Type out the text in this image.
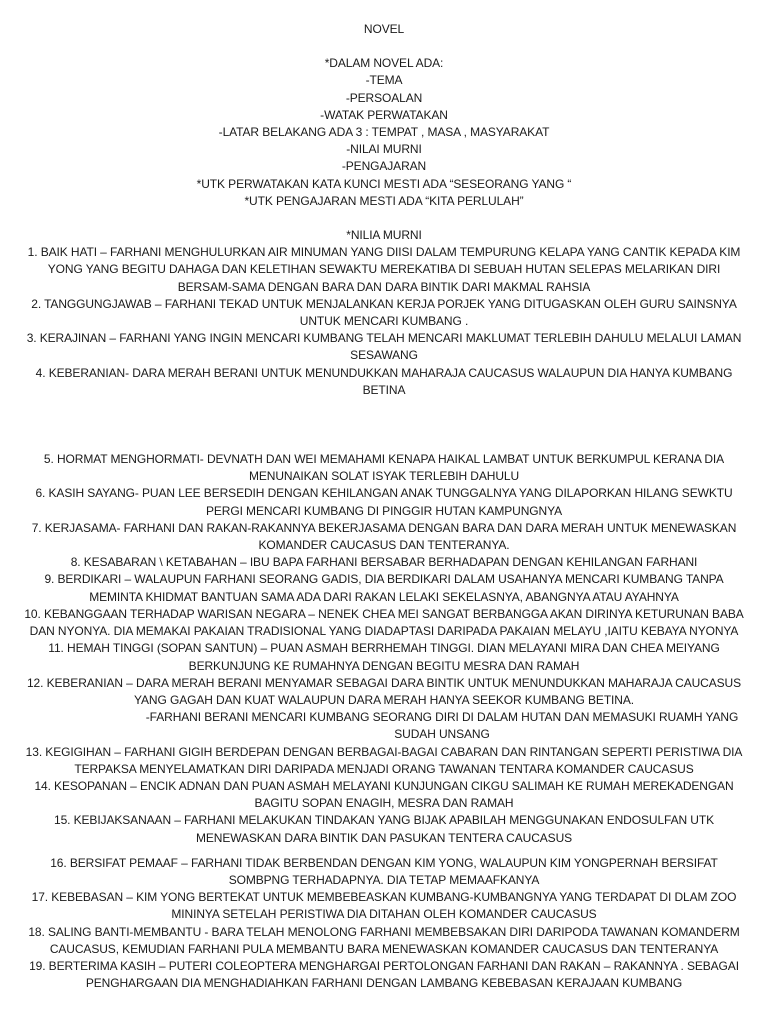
NOVEL

*DALAM NOVEL ADA:

-TEMA

-PERSOALAN

-WATAK PERWATAKAN

-LATAR BELAKANG ADA 3 : TEMPAT , MASA , MASYARAKAT

-NILAI MURNI

-PENGAJARAN

*UTK PERWATAKAN KATA KUNCI MESTI ADA “SESEORANG YANG “

*UTK PENGAJARAN MESTI ADA “KITA PERLULAH”

*NILIA MURNI

1. BAIK HATI – FARHANI MENGHULURKAN AIR MINUMAN YANG DIISI DALAM TEMPURUNG KELAPA YANG CANTIK KEPADA KIM YONG YANG BEGITU DAHAGA DAN KELETIHAN SEWAKTU MEREKATIBA DI SEBUAH HUTAN SELEPAS MELARIKAN DIRI BERSAM-SAMA DENGAN BARA DAN DARA BINTIK DARI MAKMAL RAHSIA

2. TANGGUNGJAWAB – FARHANI TEKAD UNTUK MENJALANKAN KERJA PORJEK YANG DITUGASKAN OLEH GURU SAINSNYA UNTUK MENCARI KUMBANG .

3. KERAJINAN – FARHANI YANG INGIN MENCARI KUMBANG TELAH MENCARI MAKLUMAT TERLEBIH DAHULU MELALUI LAMAN SESAWANG

4. KEBERANIAN- DARA MERAH BERANI UNTUK MENUNDUKKAN MAHARAJA CAUCASUS WALAUPUN DIA HANYA KUMBANG BETINA

5. HORMAT MENGHORMATI- DEVNATH DAN WEI MEMAHAMI KENAPA HAIKAL LAMBAT UNTUK BERKUMPUL KERANA DIA MENUNAIKAN SOLAT ISYAK TERLEBIH DAHULU

6. KASIH SAYANG- PUAN LEE BERSEDIH DENGAN KEHILANGAN ANAK TUNGGALNYA YANG DILAPORKAN HILANG SEWKTU PERGI MENCARI KUMBANG DI PINGGIR HUTAN KAMPUNGNYA

7. KERJASAMA- FARHANI DAN RAKAN-RAKANNYA BEKERJASAMA DENGAN BARA DAN DARA MERAH UNTUK MENEWASKAN KOMANDER CAUCASUS DAN TENTERANYA.

8. KESABARAN \ KETABAHAN – IBU BAPA FARHANI BERSABAR BERHADAPAN DENGAN KEHILANGAN FARHANI

9. BERDIKARI – WALAUPUN FARHANI SEORANG GADIS, DIA BERDIKARI DALAM USAHANYA MENCARI KUMBANG TANPA MEMINTA KHIDMAT BANTUAN SAMA ADA DARI RAKAN LELAKI SEKELASNYA, ABANGNYA ATAU AYAHNYA

10. KEBANGGAAN TERHADAP WARISAN NEGARA – NENEK CHEA MEI SANGAT BERBANGGA AKAN DIRINYA KETURUNAN BABA DAN NYONYA. DIA MEMAKAI PAKAIAN TRADISIONAL YANG DIADAPTASI DARIPADA PAKAIAN MELAYU ,IAITU KEBAYA NYONYA

11. HEMAH TINGGI (SOPAN SANTUN) – PUAN ASMAH BERRHEMAH TINGGI. DIAN MELAYANI MIRA DAN CHEA MEIYANG BERKUNJUNG KE RUMAHNYA DENGAN BEGITU MESRA DAN RAMAH

12. KEBERANIAN – DARA MERAH BERANI MENYAMAR SEBAGAI DARA BINTIK UNTUK MENUNDUKKAN MAHARAJA CAUCASUS YANG GAGAH DAN KUAT WALAUPUN DARA MERAH HANYA SEEKOR KUMBANG BETINA.

-FARHANI BERANI MENCARI KUMBANG SEORANG DIRI DI DALAM HUTAN DAN MEMASUKI RUAMH YANG SUDAH UNSANG

13. KEGIGIHAN – FARHANI GIGIH BERDEPAN DENGAN BERBAGAI-BAGAI CABARAN DAN RINTANGAN SEPERTI PERISTIWA DIA TERPAKSA MENYELAMATKAN DIRI DARIPADA MENJADI ORANG TAWANAN TENTARA KOMANDER CAUCASUS

14. KESOPANAN – ENCIK ADNAN DAN PUAN ASMAH MELAYANI KUNJUNGAN CIKGU SALIMAH KE RUMAH MEREKADENGAN BAGITU SOPAN ENAGIH, MESRA DAN RAMAH

15. KEBIJAKSANAAN – FARHANI MELAKUKAN TINDAKAN YANG BIJAK APABILAH MENGGUNAKAN ENDOSULFAN UTK MENEWASKAN DARA BINTIK DAN PASUKAN TENTERA CAUCASUS

16. BERSIFAT PEMAAF – FARHANI TIDAK BERBENDAN DENGAN KIM YONG, WALAUPUN KIM YONGPERNAH BERSIFAT SOMBPNG TERHADAPNYA. DIA TETAP MEMAAFKANYA

17. KEBEBASAN – KIM YONG BERTEKAT UNTUK MEMBEBEASKAN KUMBANG-KUMBANGNYA YANG TERDAPAT DI DLAM ZOO MININYA SETELAH PERISTIWA DIA DITAHAN OLEH KOMANDER CAUCASUS

18. SALING BANTI-MEMBANTU - BARA TELAH MENOLONG FARHANI MEMBEBSAKAN DIRI DARIPODA TAWANAN KOMANDERM CAUCASUS, KEMUDIAN FARHANI PULA MEMBANTU BARA MENEWASKAN KOMANDER CAUCASUS DAN TENTERANYA

19. BERTERIMA KASIH – PUTERI COLEOPTERA MENGHARGAI PERTOLONGAN FARHANI DAN RAKAN – RAKANNYA . SEBAGAI PENGHARGAAN DIA MENGHADIAHKAN FARHANI DENGAN LAMBANG KEBEBASAN KERAJAAN KUMBANG
